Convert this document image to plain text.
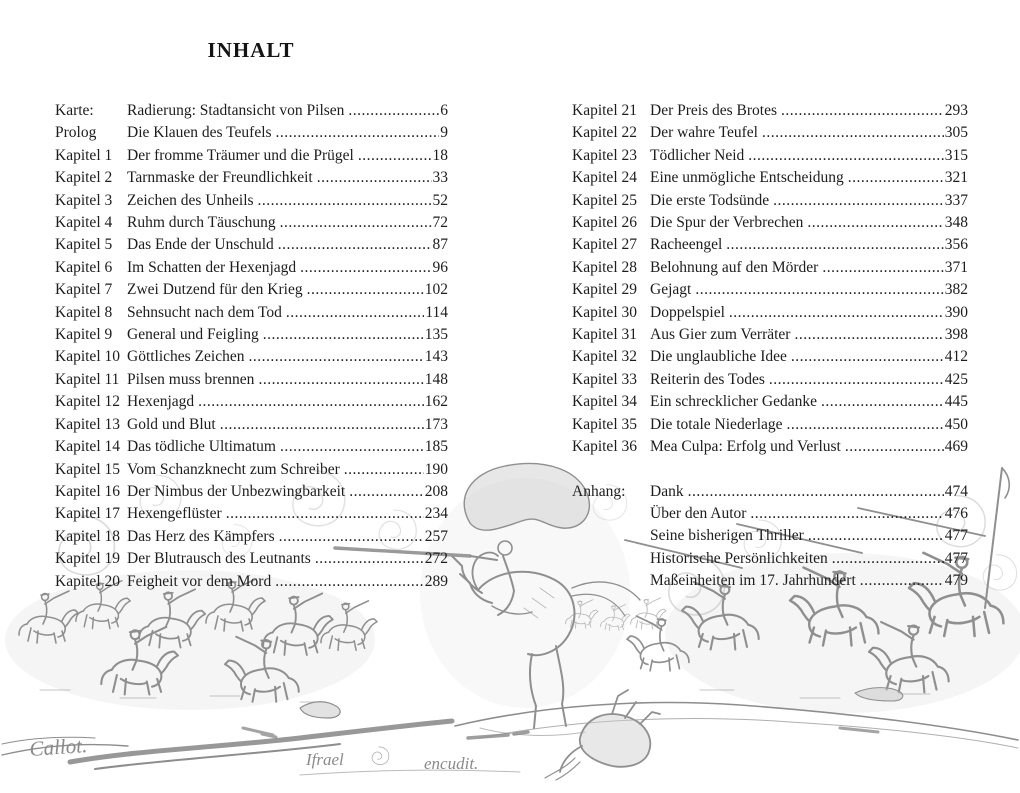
INHALT
Karte:	Radierung: Stadtansicht von Pilsen .....	6
Prolog	Die Klauen des Teufels .....	9
Kapitel 1 Der fromme Träumer und die Prügel .....	18
Kapitel 2 Tarnmaske der Freundlichkeit .....	33
Kapitel 3 Zeichen des Unheils .....	52
Kapitel 4 Ruhm durch Täuschung .....	72
Kapitel 5 Das Ende der Unschuld .....	87
Kapitel 6 Im Schatten der Hexenjagd .....	96
Kapitel 7 Zwei Dutzend für den Krieg .....	102
Kapitel 8 Sehnsucht nach dem Tod .....	114
Kapitel 9 General und Feigling .....	135
Kapitel 10 Göttliches Zeichen .....	143
Kapitel 11 Pilsen muss brennen .....	148
Kapitel 12 Hexenjagd .....	162
Kapitel 13 Gold und Blut .....	173
Kapitel 14 Das tödliche Ultimatum .....	185
Kapitel 15 Vom Schanzknecht zum Schreiber .....	190
Kapitel 16 Der Nimbus der Unbezwingbarkeit .....	208
Kapitel 17 Hexengeflüster .....	234
Kapitel 18 Das Herz des Kämpfers .....	257
Kapitel 19 Der Blutrausch des Leutnants .....	272
Kapitel 20 Feigheit vor dem Mord .....	289
Kapitel 21 Der Preis des Brotes .....	293
Kapitel 22 Der wahre Teufel .....	305
Kapitel 23 Tödlicher Neid .....	315
Kapitel 24 Eine unmögliche Entscheidung .....	321
Kapitel 25 Die erste Todsünde .....	337
Kapitel 26 Die Spur der Verbrechen .....	348
Kapitel 27 Racheengel .....	356
Kapitel 28 Belohnung auf den Mörder .....	371
Kapitel 29 Gejagt .....	382
Kapitel 30 Doppelspiel .....	390
Kapitel 31 Aus Gier zum Verräter .....	398
Kapitel 32 Die unglaubliche Idee .....	412
Kapitel 33 Reiterin des Todes .....	425
Kapitel 34 Ein schrecklicher Gedanke .....	445
Kapitel 35 Die totale Niederlage .....	450
Kapitel 36 Mea Culpa: Erfolg und Verlust .....	469
Anhang:	Dank .....	474
Über den Autor .....	476
Seine bisherigen Thriller .....	477
Historische Persönlichkeiten .....	477
Maßeinheiten im 17. Jahrhundert .....	479
Callot.	Ifrael	encudit.
